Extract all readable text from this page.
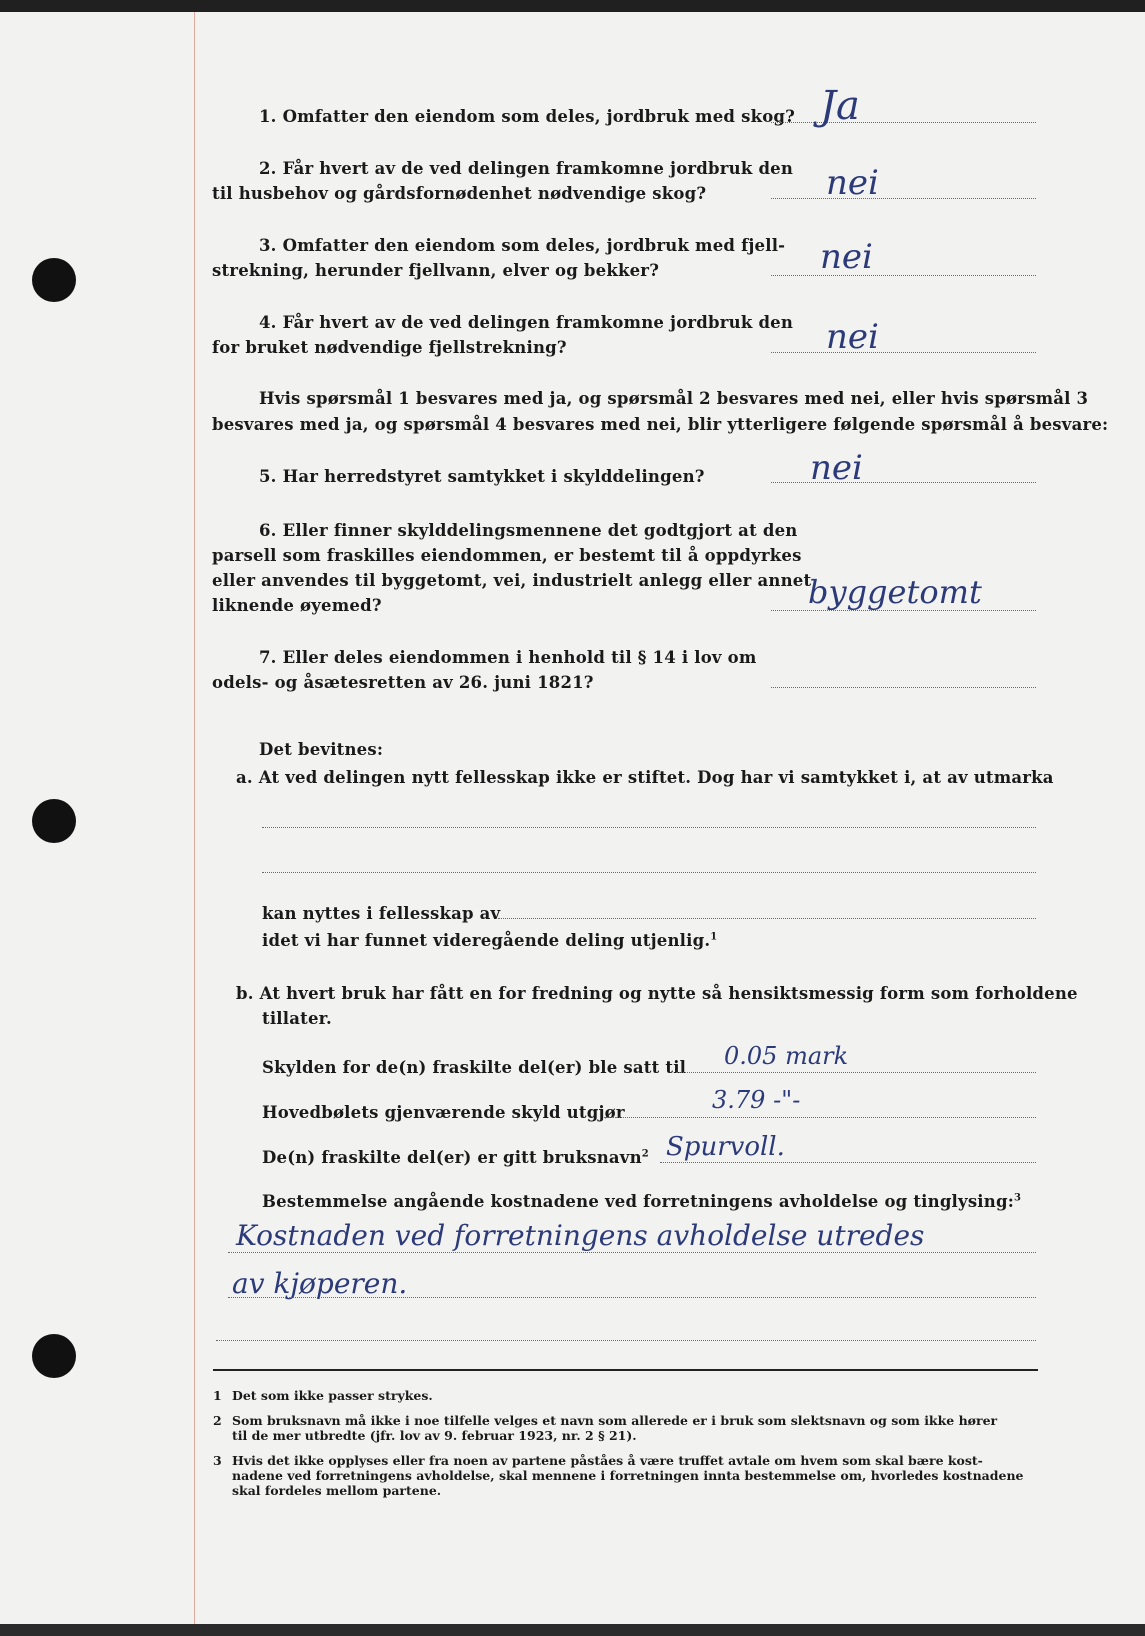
1. Omfatter den eiendom som deles, jordbruk med skog? Ja
2. Får hvert av de ved delingen framkomne jordbruk den
til husbehov og gårdsfornødenhet nødvendige skog?	nei
3. Omfatter den eiendom som deles, jordbruk med fjell-
strekning, herunder fjellvann, elver og bekker?	nei
4. Får hvert av de ved delingen framkomne jordbruk den
for bruket nødvendige fjellstrekning?	nei
Hvis spørsmål 1 besvares med ja, og spørsmål 2 besvares med nei, eller hvis spørsmål 3
besvares med ja, og spørsmål 4 besvares med nei, blir ytterligere følgende spørsmål å besvare:
5. Har herredstyret samtykket i skylddelingen?	nei
6. Eller finner skylddelingsmennene det godtgjort at den
parsell som fraskilles eiendommen, er bestemt til å oppdyrkes
eller anvendes til byggetomt, vei, industrielt anlegg eller annet
liknende øyemed?	byggetomt
7. Eller deles eiendommen i henhold til § 14 i lov om
odels- og åsætesretten av 26. juni 1821?
Det bevitnes:
a. At ved delingen nytt fellesskap ikke er stiftet. Dog har vi samtykket i, at av utmarka
kan nyttes i fellesskap av
idet vi har funnet videregående deling utjenlig.$^1$
b. At hvert bruk har fått en for fredning og nytte så hensiktsmessig form som forholdene
tillater.
Skylden for de(n) fraskilte del(er) ble satt til 0.05 mark
Hovedbølets gjenværende skyld utgjør	3.79 -"-
De(n) fraskilte del(er) er gitt bruksnavn$^2$ Spurvoll.
Bestemmelse angående kostnadene ved forretningens avholdelse og tinglysing:$^3$
Kostnaden ved forretningens avholdelse utredes
av kjøperen.
1 Det som ikke passer strykes.
2 Som bruksnavn må ikke i noe tilfelle velges et navn som allerede er i bruk som slektsnavn og som ikke hører
til de mer utbredte (jfr. lov av 9. februar 1923, nr. 2 § 21).
3 Hvis det ikke opplyses eller fra noen av partene påståes å være truffet avtale om hvem som skal bære kost-
nadene ved forretningens avholdelse, skal mennene i forretningen innta bestemmelse om, hvorledes kostnadene
skal fordeles mellom partene.
